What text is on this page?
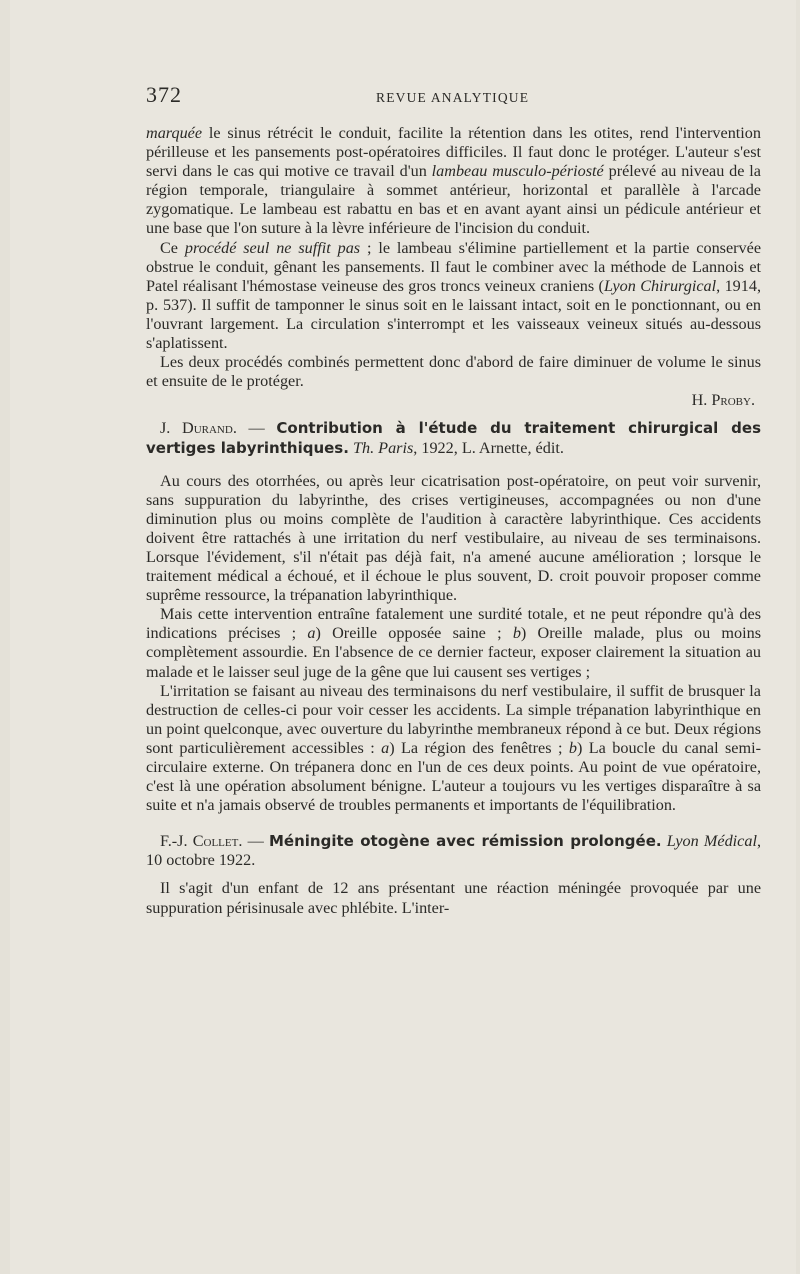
372	REVUE ANALYTIQUE

marquée le sinus rétrécit le conduit, facilite la rétention dans les otites, rend l'intervention périlleuse et les pansements post-opératoires difficiles. Il faut donc le protéger. L'auteur s'est servi dans le cas qui motive ce travail d'un lambeau musculo-périosté prélevé au niveau de la région temporale, triangulaire à sommet antérieur, horizontal et parallèle à l'arcade zygomatique. Le lambeau est rabattu en bas et en avant ayant ainsi un pédicule antérieur et une base que l'on suture à la lèvre inférieure de l'incision du conduit.

Ce procédé seul ne suffit pas ; le lambeau s'élimine partiellement et la partie conservée obstrue le conduit, gênant les pansements. Il faut le combiner avec la méthode de Lannois et Patel réalisant l'hémostase veineuse des gros troncs veineux craniens (Lyon Chirurgical, 1914, p. 537). Il suffit de tamponner le sinus soit en le laissant intact, soit en le ponctionnant, ou en l'ouvrant largement. La circulation s'interrompt et les vaisseaux veineux situés au-dessous s'aplatissent.

Les deux procédés combinés permettent donc d'abord de faire diminuer de volume le sinus et ensuite de le protéger.

H. Proby.

J. Durand. — Contribution à l'étude du traitement chirurgical des vertiges labyrinthiques. Th. Paris, 1922, L. Arnette, édit.

Au cours des otorrhées, ou après leur cicatrisation post-opératoire, on peut voir survenir, sans suppuration du labyrinthe, des crises vertigineuses, accompagnées ou non d'une diminution plus ou moins complète de l'audition à caractère labyrinthique. Ces accidents doivent être rattachés à une irritation du nerf vestibulaire, au niveau de ses terminaisons. Lorsque l'évidement, s'il n'était pas déjà fait, n'a amené aucune amélioration ; lorsque le traitement médical a échoué, et il échoue le plus souvent, D. croit pouvoir proposer comme suprême ressource, la trépanation labyrinthique.

Mais cette intervention entraîne fatalement une surdité totale, et ne peut répondre qu'à des indications précises ; a) Oreille opposée saine ; b) Oreille malade, plus ou moins complètement assourdie. En l'absence de ce dernier facteur, exposer clairement la situation au malade et le laisser seul juge de la gêne que lui causent ses vertiges ;

L'irritation se faisant au niveau des terminaisons du nerf vestibulaire, il suffit de brusquer la destruction de celles-ci pour voir cesser les accidents. La simple trépanation labyrinthique en un point quelconque, avec ouverture du labyrinthe membraneux répond à ce but. Deux régions sont particulièrement accessibles : a) La région des fenêtres ; b) La boucle du canal semi-circulaire externe. On trépanera donc en l'un de ces deux points. Au point de vue opératoire, c'est là une opération absolument bénigne. L'auteur a toujours vu les vertiges disparaître à sa suite et n'a jamais observé de troubles permanents et importants de l'équilibration.

F.-J. Collet. — Méningite otogène avec rémission prolongée. Lyon Médical, 10 octobre 1922.

Il s'agit d'un enfant de 12 ans présentant une réaction méningée provoquée par une suppuration périsinusale avec phlébite. L'inter-
